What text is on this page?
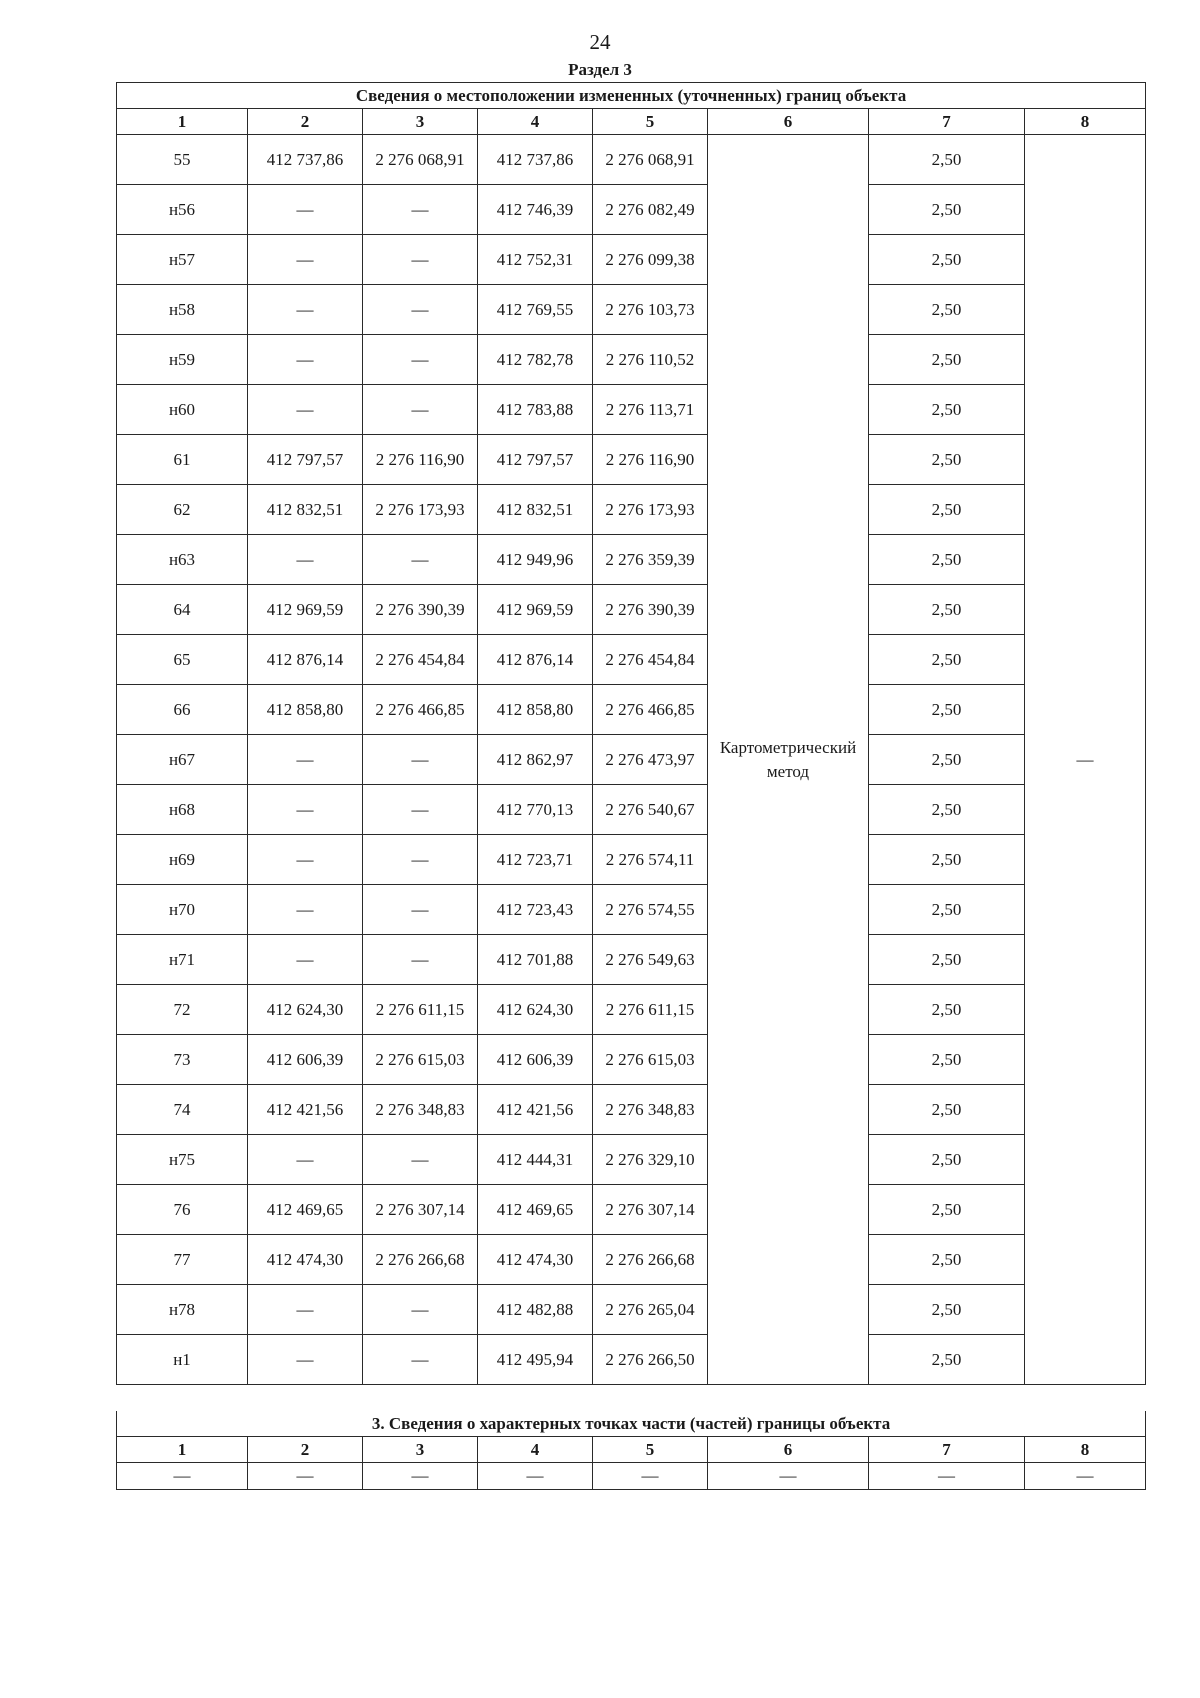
24
Раздел 3
Сведения о местоположении измененных (уточненных) границ объекта							
1	2	3	4	5	6	7	8
55	412 737,86	2 276 068,91	412 737,86	2 276 068,91	Картометрический метод	2,50	—
н56	—	—	412 746,39	2 276 082,49		2,50	
н57	—	—	412 752,31	2 276 099,38		2,50	
н58	—	—	412 769,55	2 276 103,73		2,50	
н59	—	—	412 782,78	2 276 110,52		2,50	
н60	—	—	412 783,88	2 276 113,71		2,50	
61	412 797,57	2 276 116,90	412 797,57	2 276 116,90		2,50	
62	412 832,51	2 276 173,93	412 832,51	2 276 173,93		2,50	
н63	—	—	412 949,96	2 276 359,39		2,50	
64	412 969,59	2 276 390,39	412 969,59	2 276 390,39		2,50	
65	412 876,14	2 276 454,84	412 876,14	2 276 454,84		2,50	
66	412 858,80	2 276 466,85	412 858,80	2 276 466,85		2,50	
н67	—	—	412 862,97	2 276 473,97		2,50	
н68	—	—	412 770,13	2 276 540,67		2,50	
н69	—	—	412 723,71	2 276 574,11		2,50	
н70	—	—	412 723,43	2 276 574,55		2,50	
н71	—	—	412 701,88	2 276 549,63		2,50	
72	412 624,30	2 276 611,15	412 624,30	2 276 611,15		2,50	
73	412 606,39	2 276 615,03	412 606,39	2 276 615,03		2,50	
74	412 421,56	2 276 348,83	412 421,56	2 276 348,83		2,50	
н75	—	—	412 444,31	2 276 329,10		2,50	
76	412 469,65	2 276 307,14	412 469,65	2 276 307,14		2,50	
77	412 474,30	2 276 266,68	412 474,30	2 276 266,68		2,50	
н78	—	—	412 482,88	2 276 265,04		2,50	
н1	—	—	412 495,94	2 276 266,50		2,50	
3. Сведения о характерных точках части (частей) границы объекта							
1	2	3	4	5	6	7	8
—	—	—	—	—	—	—	—
